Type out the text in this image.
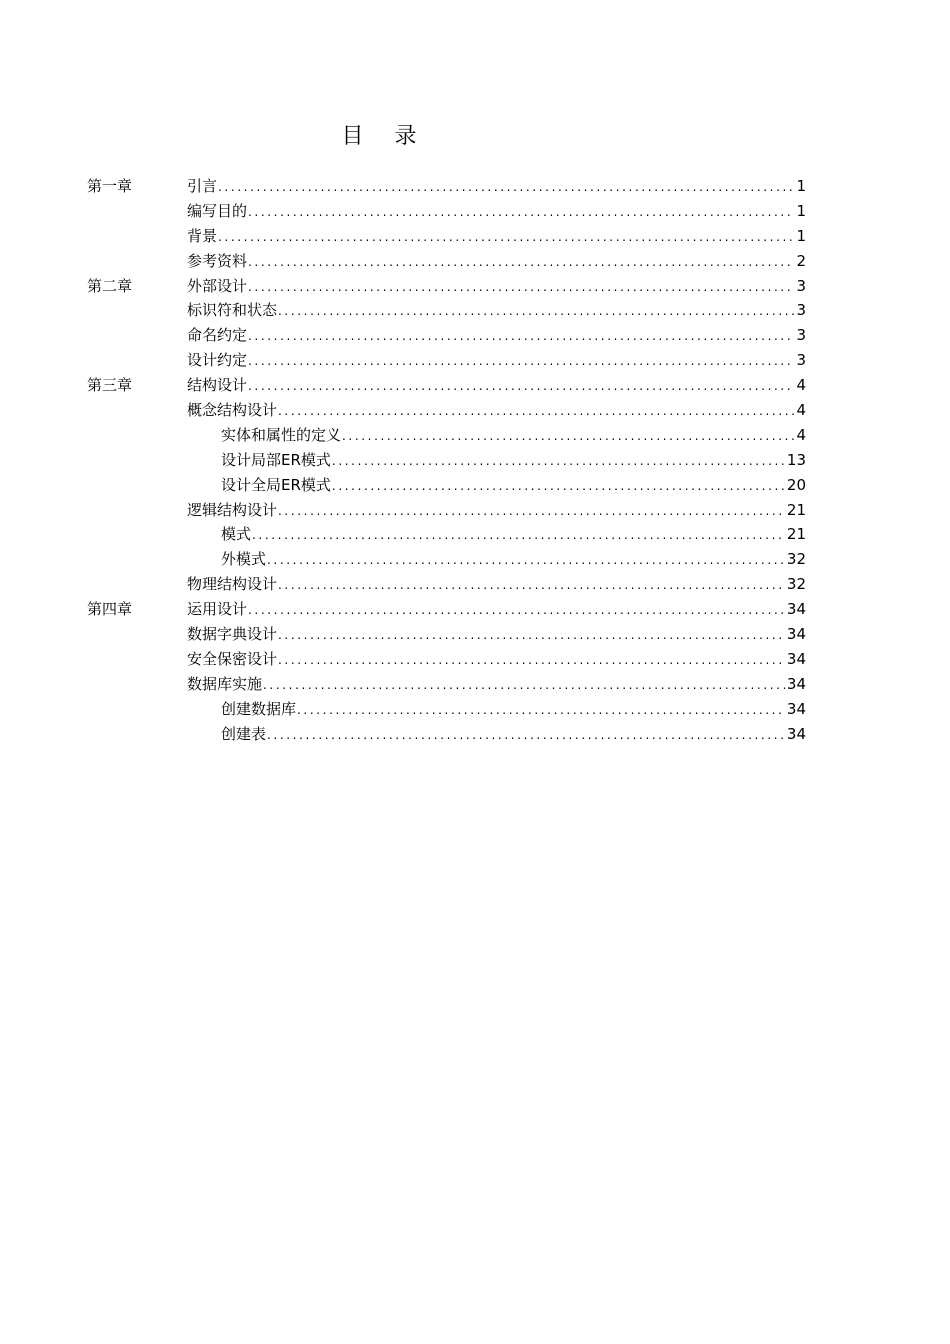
目 录
第一章	引言 .....	1
编写目的 .....	1
背景 .....	1
参考资料 .....	2
第二章	外部设计 .....	3
标识符和状态 .....	3
命名约定 .....	3
设计约定 .....	3
第三章	结构设计 .....	4
概念结构设计 .....	4
实体和属性的定义 .....	4
设计局部ER模式 .....	13
设计全局ER模式 .....	20
逻辑结构设计 .....	21
模式 .....	21
外模式 .....	32
物理结构设计 .....	32
第四章	运用设计 .....	34
数据字典设计 .....	34
安全保密设计 .....	34
数据库实施 .....	34
创建数据库 .....	34
创建表 .....	34
